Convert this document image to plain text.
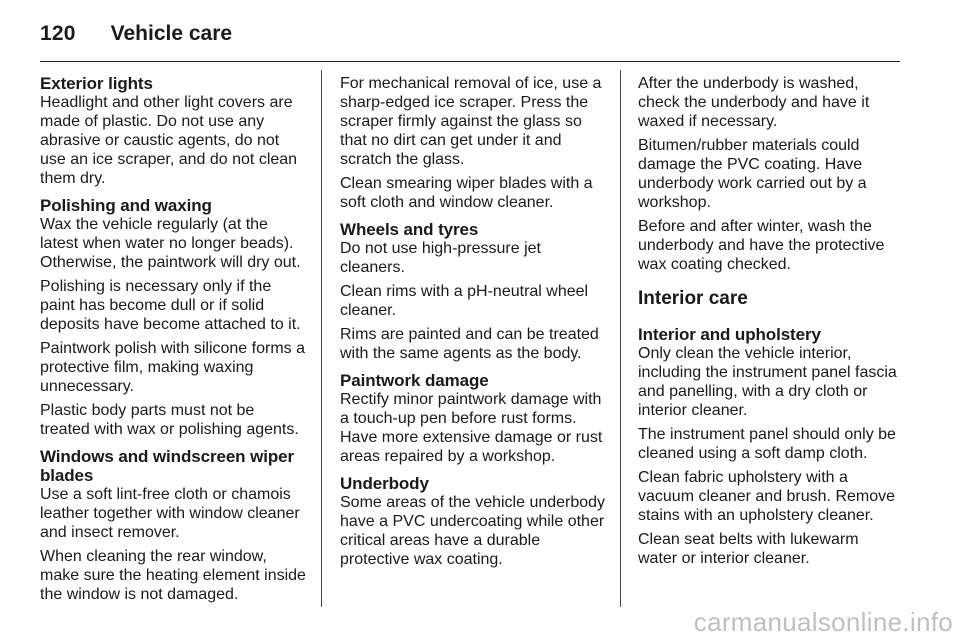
120 Vehicle care
Exterior lights

Headlight and other light covers are made of plastic. Do not use any abrasive or caustic agents, do not use an ice scraper, and do not clean them dry.

Polishing and waxing

Wax the vehicle regularly (at the latest when water no longer beads). Otherwise, the paintwork will dry out.

Polishing is necessary only if the paint has become dull or if solid deposits have become attached to it.

Paintwork polish with silicone forms a protective film, making waxing unnecessary.

Plastic body parts must not be treated with wax or polishing agents.

Windows and windscreen wiper blades

Use a soft lint-free cloth or chamois leather together with window cleaner and insect remover.

When cleaning the rear window, make sure the heating element inside the window is not damaged.

For mechanical removal of ice, use a sharp-edged ice scraper. Press the scraper firmly against the glass so that no dirt can get under it and scratch the glass.

Clean smearing wiper blades with a soft cloth and window cleaner.

Wheels and tyres

Do not use high-pressure jet cleaners.

Clean rims with a pH-neutral wheel cleaner.

Rims are painted and can be treated with the same agents as the body.

Paintwork damage

Rectify minor paintwork damage with a touch-up pen before rust forms. Have more extensive damage or rust areas repaired by a workshop.

Underbody

Some areas of the vehicle underbody have a PVC undercoating while other critical areas have a durable protective wax coating.

After the underbody is washed, check the underbody and have it waxed if necessary.

Bitumen/rubber materials could damage the PVC coating. Have underbody work carried out by a workshop.

Before and after winter, wash the underbody and have the protective wax coating checked.

Interior care
Interior and upholstery

Only clean the vehicle interior, including the instrument panel fascia and panelling, with a dry cloth or interior cleaner.

The instrument panel should only be cleaned using a soft damp cloth.

Clean fabric upholstery with a vacuum cleaner and brush. Remove stains with an upholstery cleaner.

Clean seat belts with lukewarm water or interior cleaner.

carmanualsonline.info
